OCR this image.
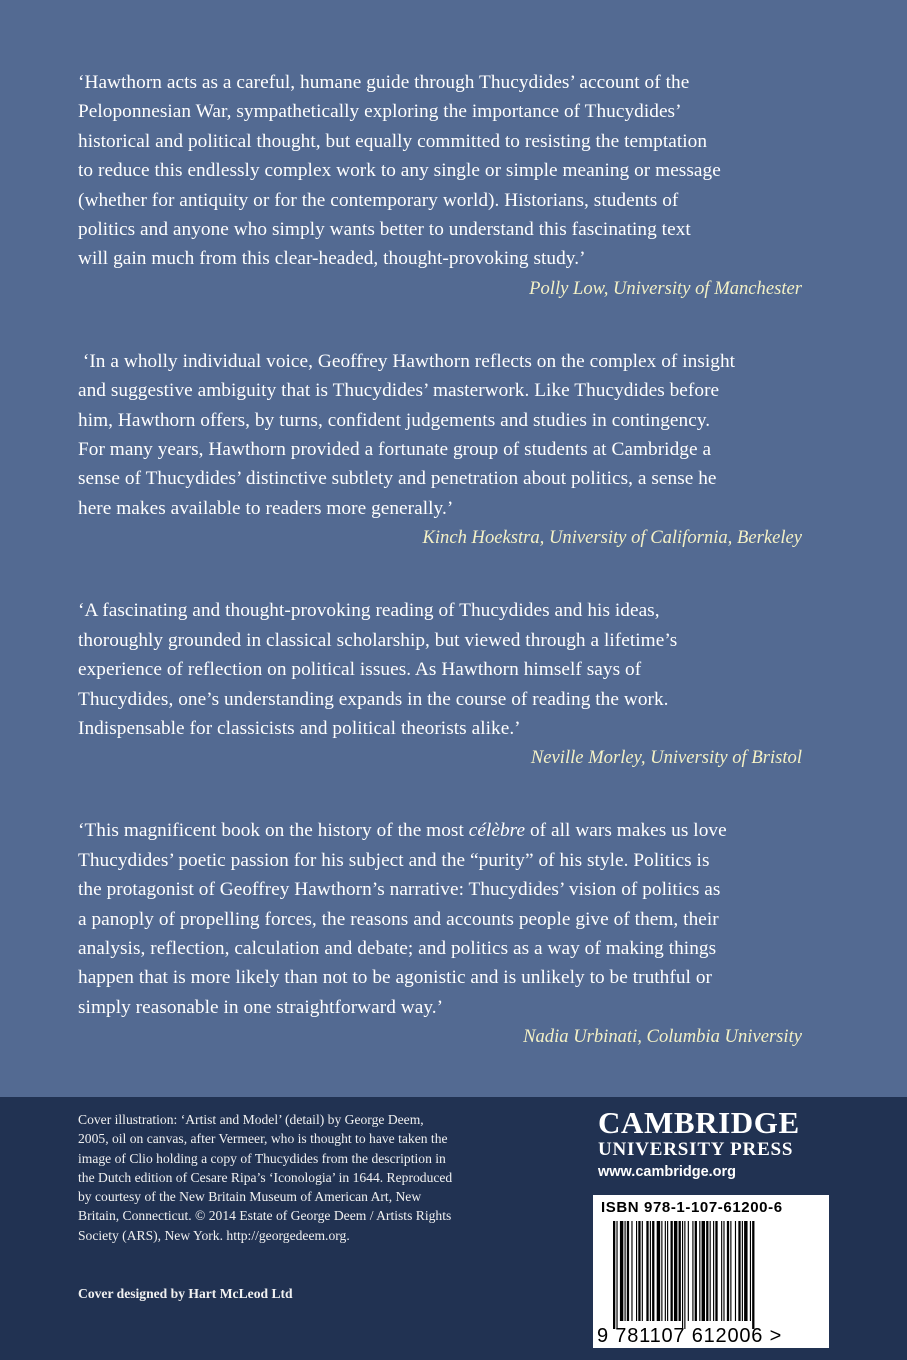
‘Hawthorn acts as a careful, humane guide through Thucydides’ account of the
Peloponnesian War, sympathetically exploring the importance of Thucydides’
historical and political thought, but equally committed to resisting the temptation
to reduce this endlessly complex work to any single or simple meaning or message
(whether for antiquity or for the contemporary world). Historians, students of
politics and anyone who simply wants better to understand this fascinating text
will gain much from this clear-headed, thought-provoking study.’

Polly Low, University of Manchester

‘In a wholly individual voice, Geoffrey Hawthorn reflects on the complex of insight
and suggestive ambiguity that is Thucydides’ masterwork. Like Thucydides before
him, Hawthorn offers, by turns, confident judgements and studies in contingency.
For many years, Hawthorn provided a fortunate group of students at Cambridge a
sense of Thucydides’ distinctive subtlety and penetration about politics, a sense he
here makes available to readers more generally.’

Kinch Hoekstra, University of California, Berkeley

‘A fascinating and thought-provoking reading of Thucydides and his ideas,
thoroughly grounded in classical scholarship, but viewed through a lifetime’s
experience of reflection on political issues. As Hawthorn himself says of
Thucydides, one’s understanding expands in the course of reading the work.
Indispensable for classicists and political theorists alike.’

Neville Morley, University of Bristol

‘This magnificent book on the history of the most célèbre of all wars makes us love
Thucydides’ poetic passion for his subject and the “purity” of his style. Politics is
the protagonist of Geoffrey Hawthorn’s narrative: Thucydides’ vision of politics as
a panoply of propelling forces, the reasons and accounts people give of them, their
analysis, reflection, calculation and debate; and politics as a way of making things
happen that is more likely than not to be agonistic and is unlikely to be truthful or
simply reasonable in one straightforward way.’

Nadia Urbinati, Columbia University

Cover illustration: ‘Artist and Model’ (detail) by George Deem,
2005, oil on canvas, after Vermeer, who is thought to have taken the
image of Clio holding a copy of Thucydides from the description in
the Dutch edition of Cesare Ripa’s ‘Iconologia’ in 1644. Reproduced
by courtesy of the New Britain Museum of American Art, New
Britain, Connecticut. © 2014 Estate of George Deem / Artists Rights
Society (ARS), New York. http://georgedeem.org.
Cover designed by Hart McLeod Ltd
CAMBRIDGE
UNIVERSITY PRESS
www.cambridge.org
ISBN 978-1-107-61200-6
9 781107 612006 >
